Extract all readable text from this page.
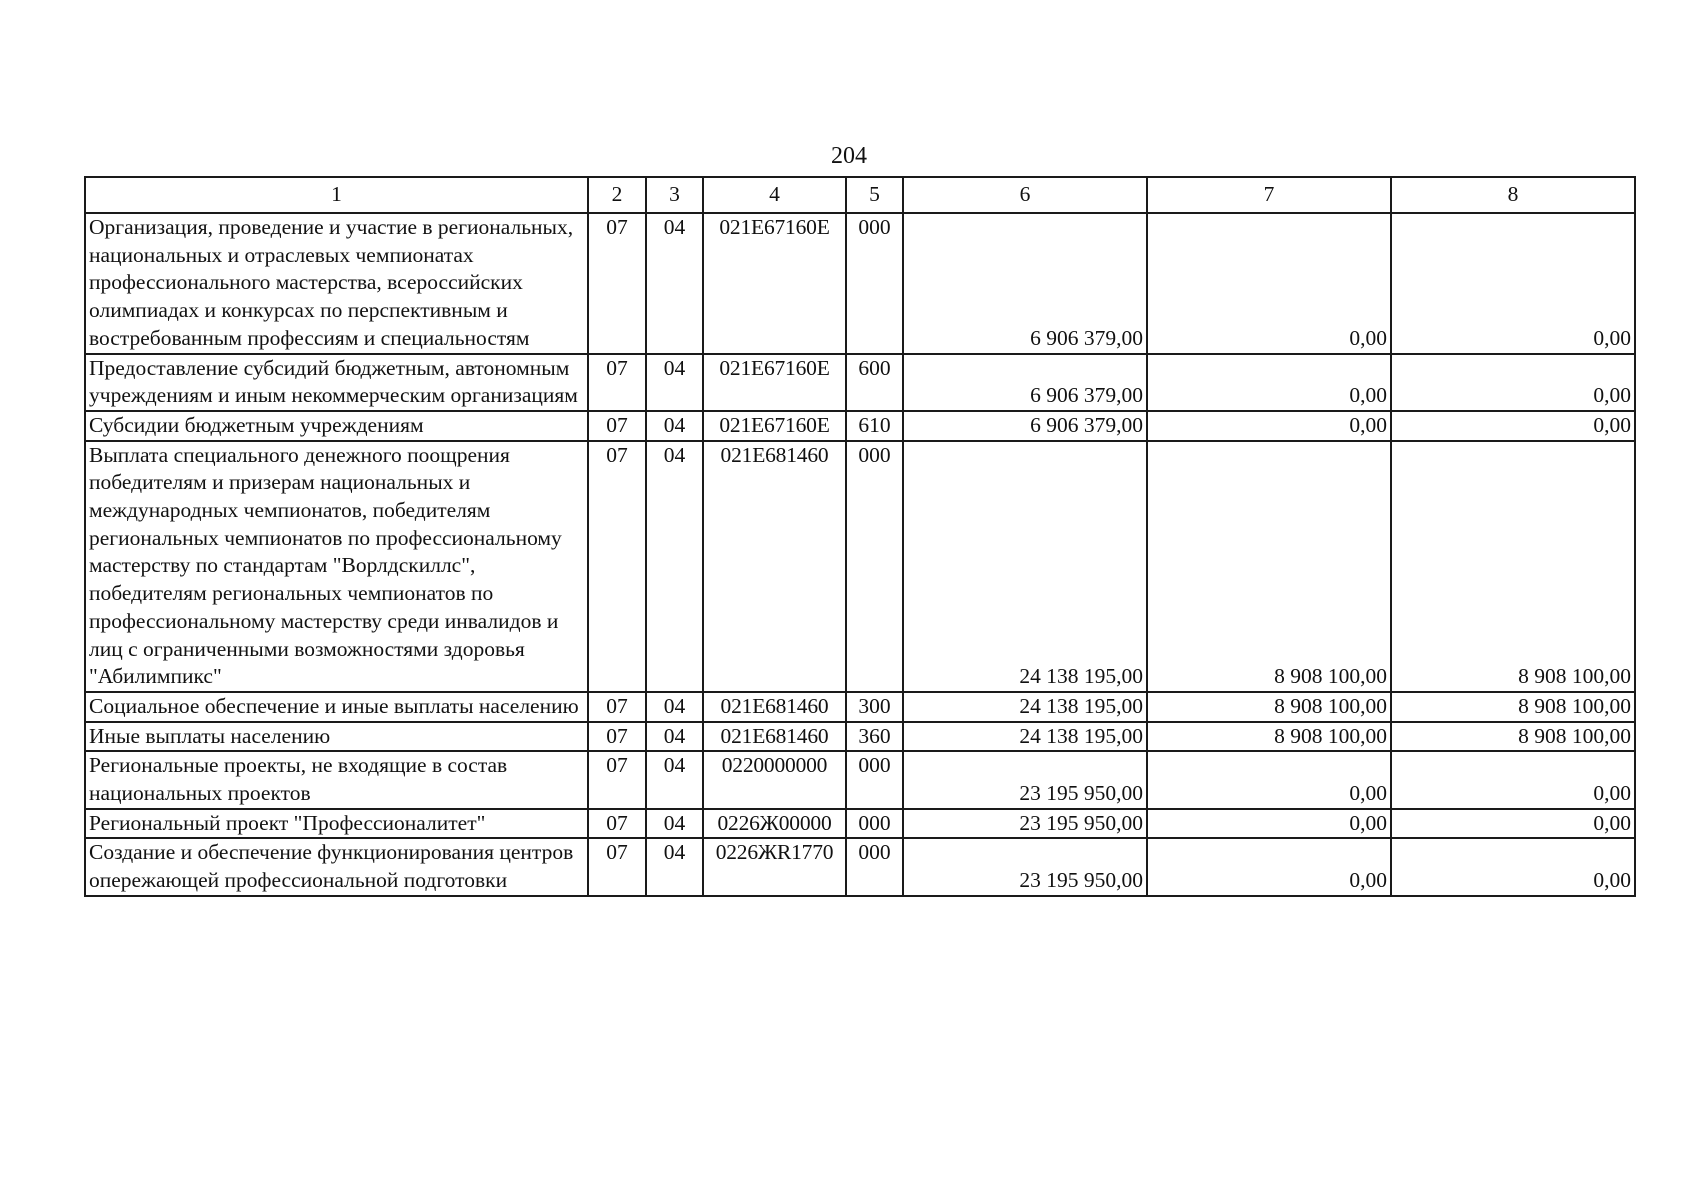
204
1	2	3	4	5	6	7	8
Организация, проведение и участие в региональных, национальных и отраслевых чемпионатах профессионального мастерства, всероссийских олимпиадах и конкурсах по перспективным и востребованным профессиям и специальностям	07	04	021E67160E	000	6 906 379,00	0,00	0,00
Предоставление субсидий бюджетным, автономным учреждениям и иным некоммерческим организациям	07	04	021E67160E	600	6 906 379,00	0,00	0,00
Субсидии бюджетным учреждениям	07	04	021E67160E	610	6 906 379,00	0,00	0,00
Выплата специального денежного поощрения победителям и призерам национальных и международных чемпионатов, победителям региональных чемпионатов по профессиональному мастерству по стандартам "Ворлдскиллс", победителям региональных чемпионатов по профессиональному мастерству среди инвалидов и лиц с ограниченными возможностями здоровья "Абилимпикс"	07	04	021E681460	000	24 138 195,00	8 908 100,00	8 908 100,00
Социальное обеспечение и иные выплаты населению	07	04	021E681460	300	24 138 195,00	8 908 100,00	8 908 100,00
Иные выплаты населению	07	04	021E681460	360	24 138 195,00	8 908 100,00	8 908 100,00
Региональные проекты, не входящие в состав национальных проектов	07	04	0220000000	000	23 195 950,00	0,00	0,00
Региональный проект "Профессионалитет"	07	04	0226Ж00000	000	23 195 950,00	0,00	0,00
Создание и обеспечение функционирования центров опережающей профессиональной подготовки	07	04	0226ЖR1770	000	23 195 950,00	0,00	0,00
